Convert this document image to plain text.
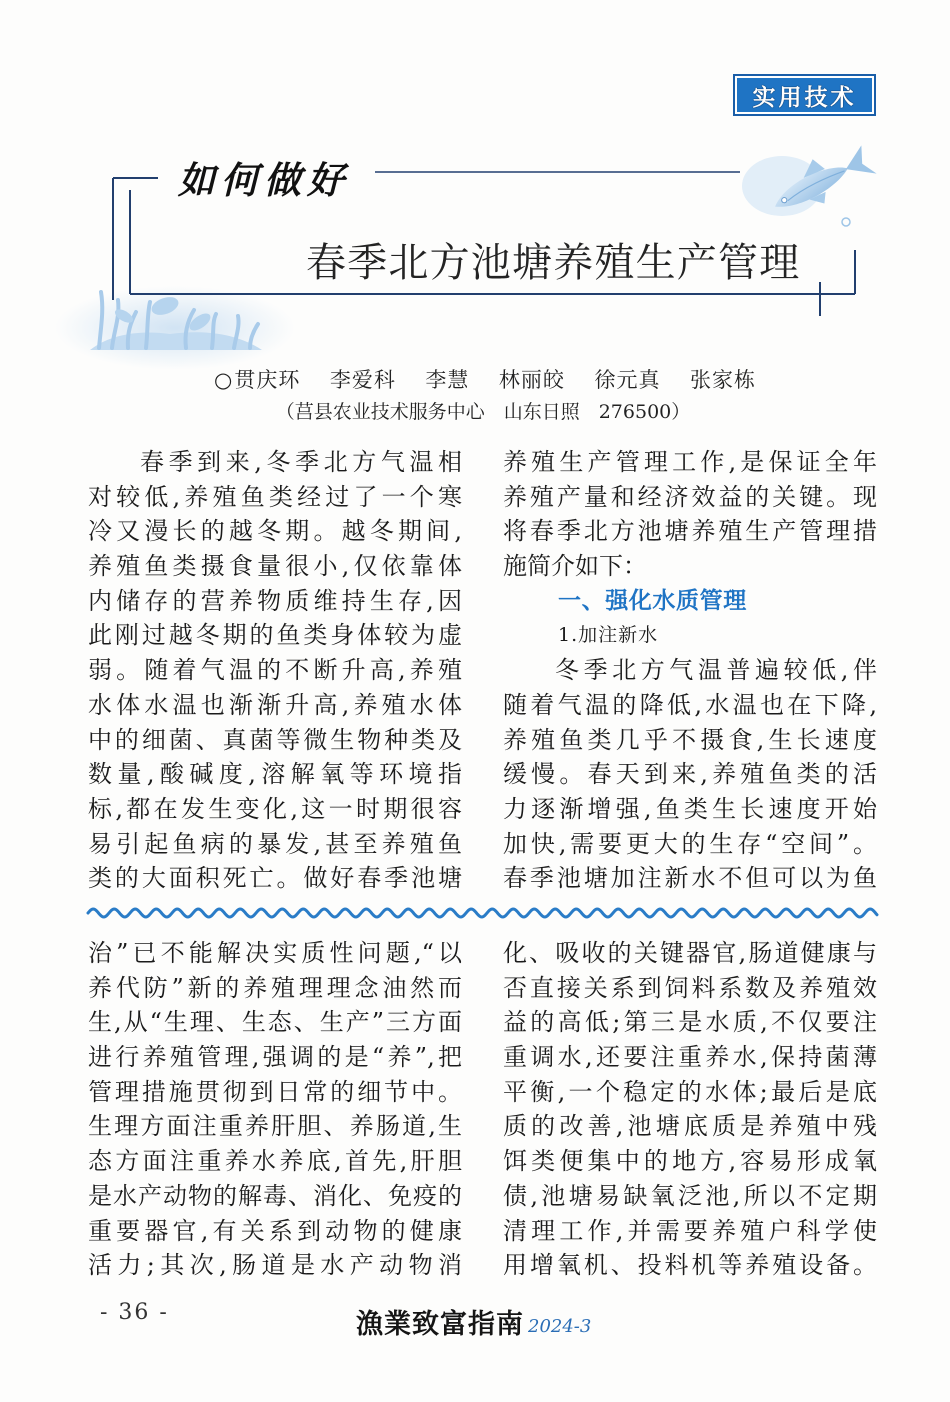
实用技术
如何做好
春季北方池塘养殖生产管理
○ 贯庆环 李爱科 李慧 林丽皎 徐元真 张家栋
（莒县农业技术服务中心　山东日照　276500）
春季到来,冬季北方气温相
对较低,养殖鱼类经过了一个寒
冷又漫长的越冬期。越冬期间,
养殖鱼类摄食量很小,仅依靠体
内储存的营养物质维持生存,因
此刚过越冬期的鱼类身体较为虚
弱。随着气温的不断升高,养殖
水体水温也渐渐升高,养殖水体
中的细菌、真菌等微生物种类及
数量,酸碱度,溶解氧等环境指
标,都在发生变化,这一时期很容
易引起鱼病的暴发,甚至养殖鱼
类的大面积死亡。做好春季池塘
养殖生产管理工作,是保证全年
养殖产量和经济效益的关键。现
将春季北方池塘养殖生产管理措
施简介如下：
一、强化水质管理
1.加注新水
冬季北方气温普遍较低,伴
随着气温的降低,水温也在下降,
养殖鱼类几乎不摄食,生长速度
缓慢。春天到来,养殖鱼类的活
力逐渐增强,鱼类生长速度开始
加快,需要更大的生存“空间”。
春季池塘加注新水不但可以为鱼
治”已不能解决实质性问题,“以
养代防”新的养殖理理念油然而
生,从“生理、生态、生产”三方面
进行养殖管理,强调的是“养”,把
管理措施贯彻到日常的细节中。
生理方面注重养肝胆、养肠道,生
态方面注重养水养底,首先,肝胆
是水产动物的解毒、消化、免疫的
重要器官,有关系到动物的健康
活力;其次,肠道是水产动物消
化、吸收的关键器官,肠道健康与
否直接关系到饲料系数及养殖效
益的高低;第三是水质,不仅要注
重调水,还要注重养水,保持菌薄
平衡,一个稳定的水体;最后是底
质的改善,池塘底质是养殖中残
饵类便集中的地方,容易形成氧
债,池塘易缺氧泛池,所以不定期
清理工作,并需要养殖户科学使
用增氧机、投料机等养殖设备。
- 36 -	漁業致富指南 2024-3
